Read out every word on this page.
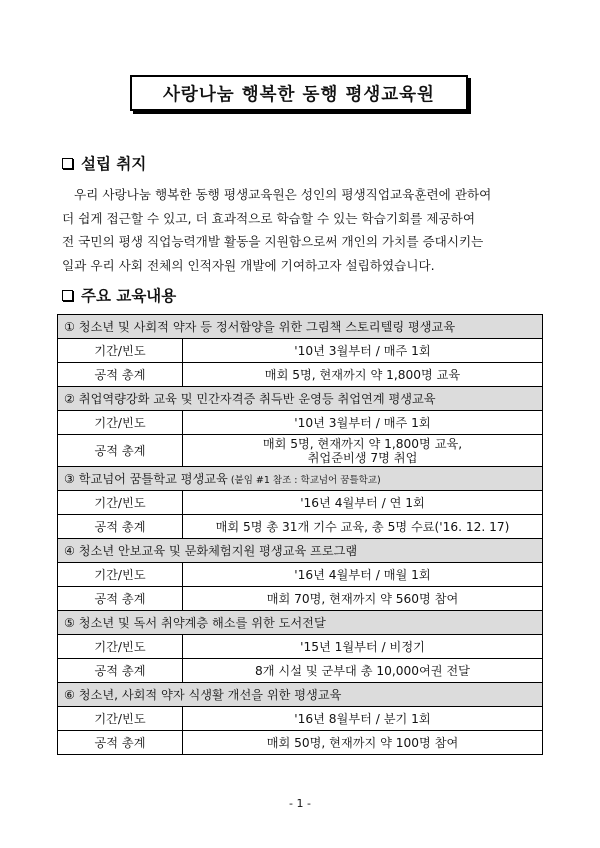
사랑나눔 행복한 동행 평생교육원
설립 취지
우리 사랑나눔 행복한 동행 평생교육원은 성인의 평생직업교육훈련에 관하여
더 쉽게 접근할 수 있고, 더 효과적으로 학습할 수 있는 학습기회를 제공하여
전 국민의 평생 직업능력개발 활동을 지원함으로써 개인의 가치를 증대시키는
일과 우리 사회 전체의 인적자원 개발에 기여하고자 설립하였습니다.
주요 교육내용
① 청소년 및 사회적 약자 등 정서함양을 위한 그림책 스토리텔링 평생교육	
기간/빈도	'10년 3월부터 / 매주 1회

공적 총계	매회 5명, 현재까지 약 1,800명 교육

② 취업역량강화 교육 및 민간자격증 취득반 운영등 취업연계 평생교육	
기간/빈도	'10년 3월부터 / 매주 1회

공적 총계	매회 5명, 현재까지 약 1,800명 교육,
취업준비생 7명 취업

③ 학교넘어 꿈틀학교 평생교육 (붙임 #1 참조 : 학교넘어 꿈틀학교)	
기간/빈도	'16년 4월부터 / 연 1회

공적 총계	매회 5명 총 31개 기수 교육, 총 5명 수료('16. 12. 17)

④ 청소년 안보교육 및 문화체험지원 평생교육 프로그램	
기간/빈도	'16년 4월부터 / 매월 1회

공적 총계	매회 70명, 현재까지 약 560명 참여

⑤ 청소년 및 독서 취약계층 해소를 위한 도서전달	
기간/빈도	'15년 1월부터 / 비정기

공적 총계	8개 시설 및 군부대 총 10,000여권 전달

⑥ 청소년, 사회적 약자 식생활 개선을 위한 평생교육	
기간/빈도	'16년 8월부터 / 분기 1회

공적 총계	매회 50명, 현재까지 약 100명 참여
- 1 -
